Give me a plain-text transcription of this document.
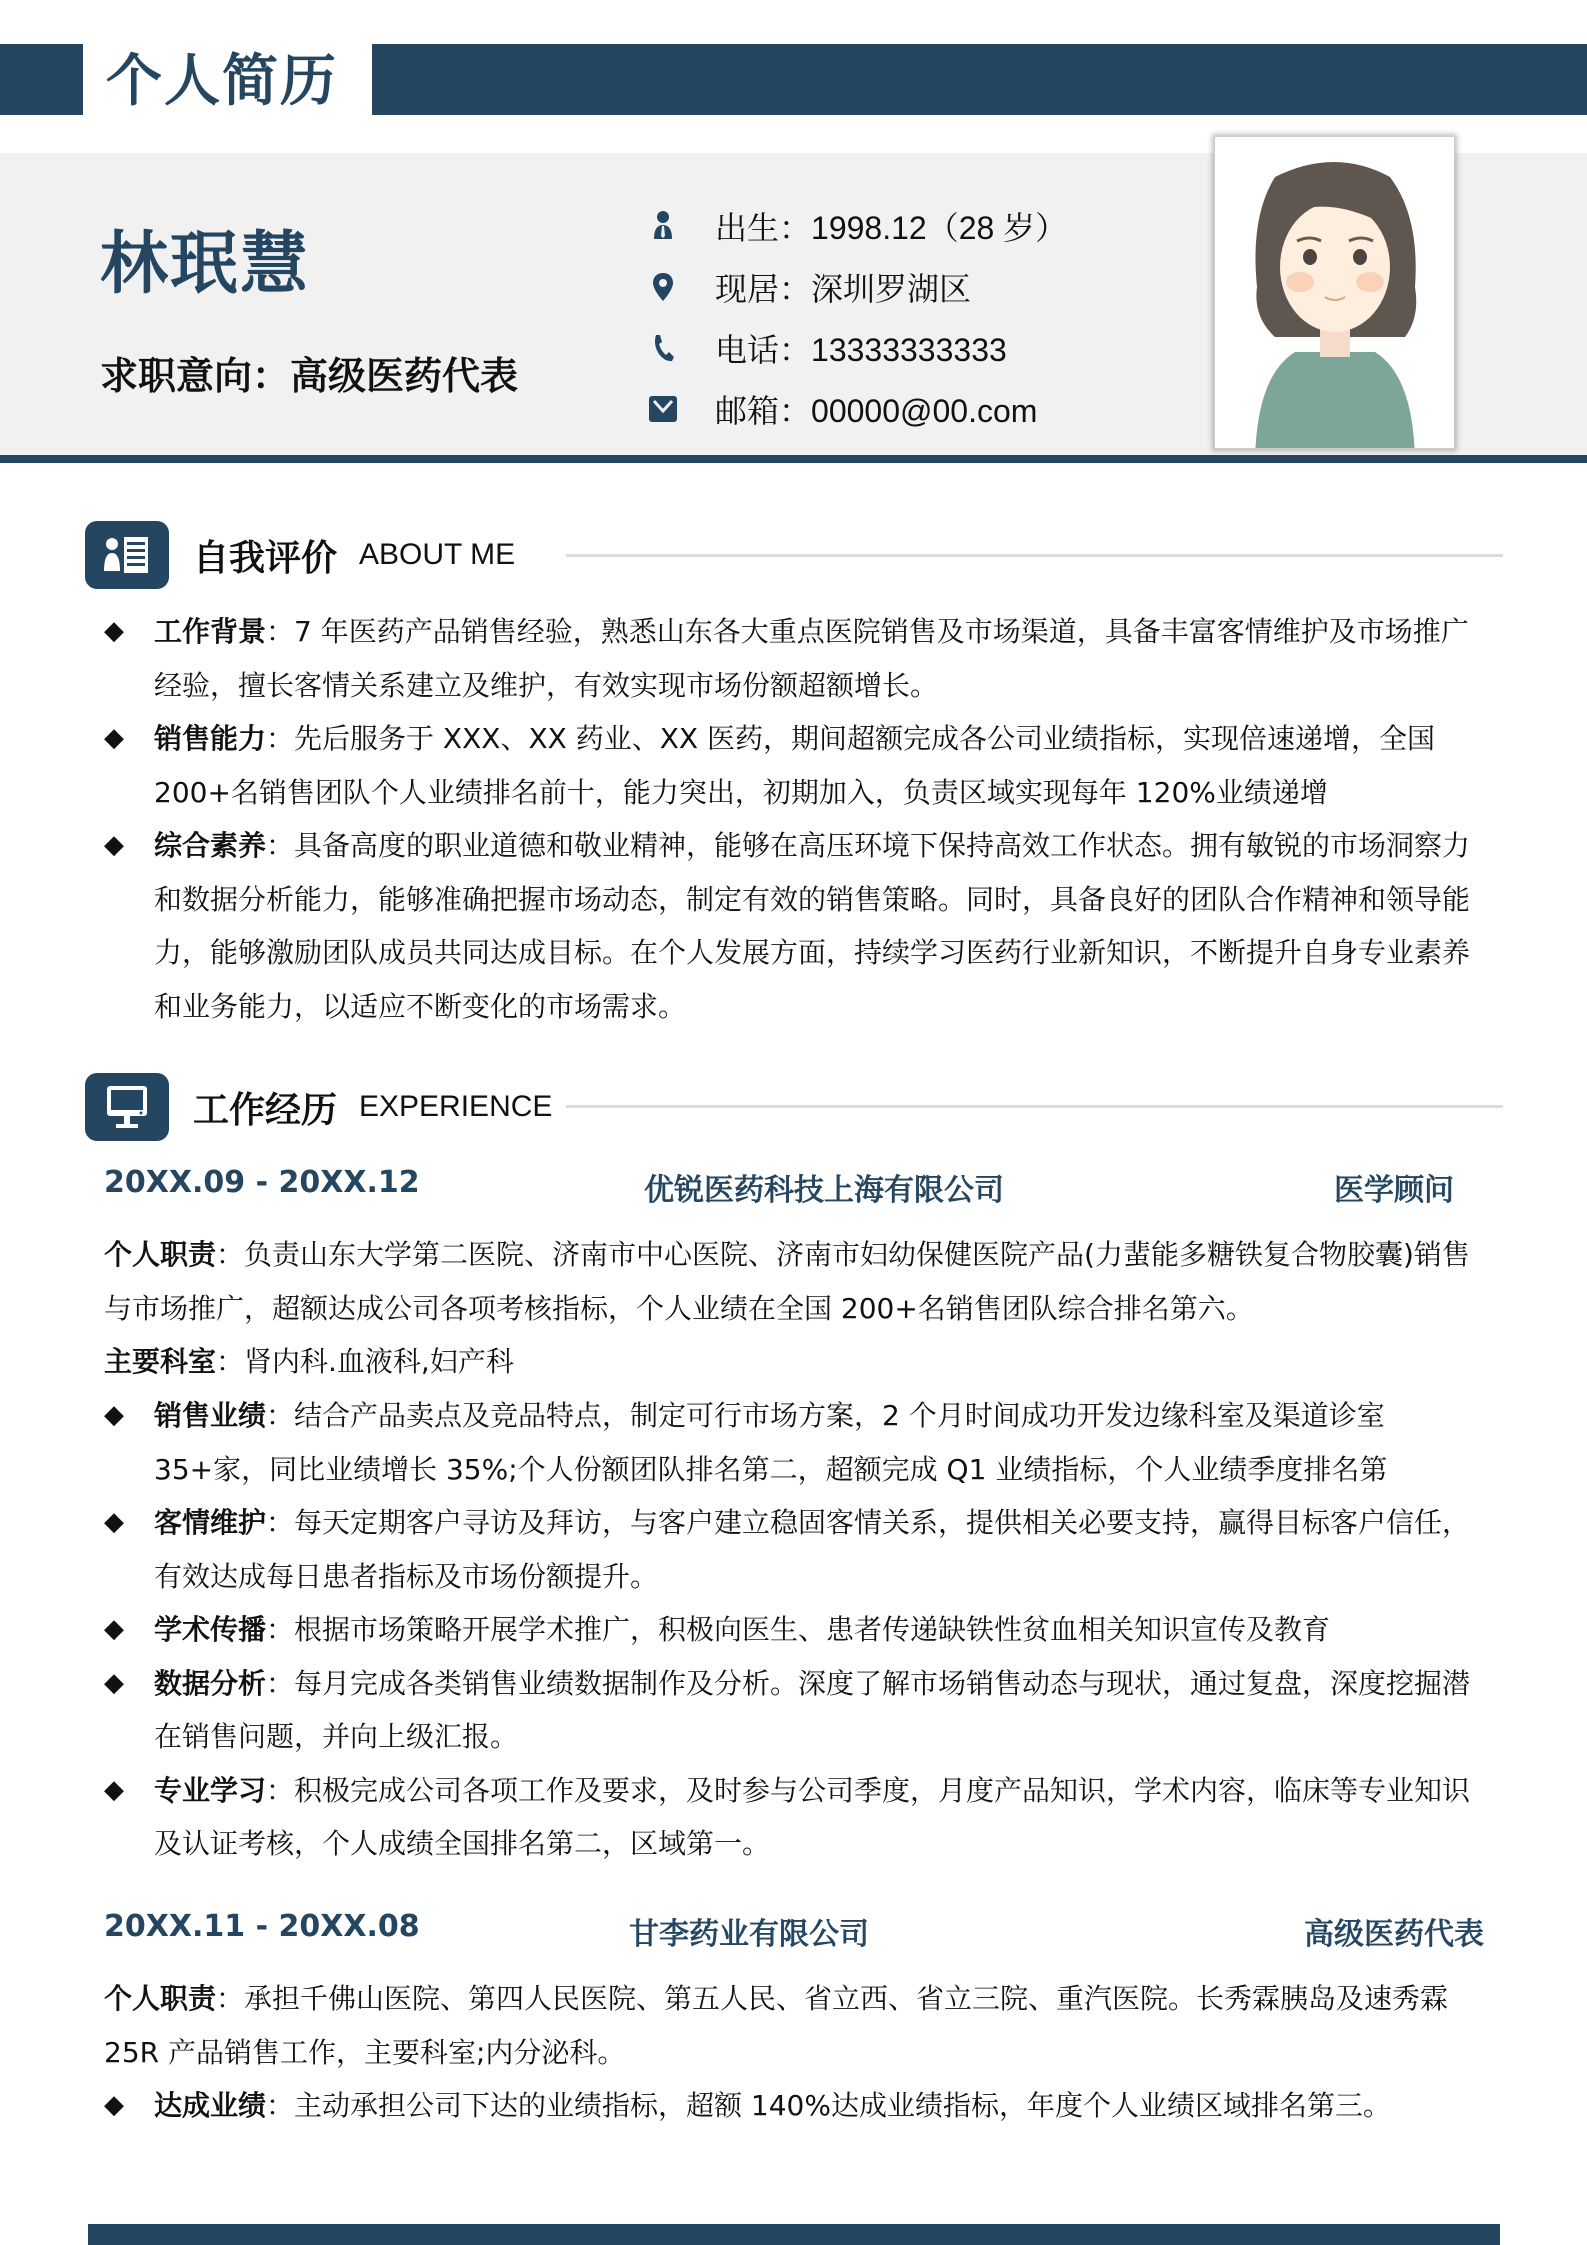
个人简历
林珉慧
求职意向：高级医药代表
出生：1998.12（28 岁）
现居：深圳罗湖区
电话：13333333333
邮箱：00000@00.com
自我评价 ABOUT ME
◆	工作背景：7 年医药产品销售经验，熟悉山东各大重点医院销售及市场渠道，具备丰富客情维护及市场推广经验，擅长客情关系建立及维护，有效实现市场份额超额增长。
◆	销售能力：先后服务于 XXX、XX 药业、XX 医药，期间超额完成各公司业绩指标，实现倍速递增，全国 200+名销售团队个人业绩排名前十，能力突出，初期加入，负责区域实现每年 120%业绩递增
◆	综合素养：具备高度的职业道德和敬业精神，能够在高压环境下保持高效工作状态。拥有敏锐的市场洞察力和数据分析能力，能够准确把握市场动态，制定有效的销售策略。同时，具备良好的团队合作精神和领导能力，能够激励团队成员共同达成目标。在个人发展方面，持续学习医药行业新知识，不断提升自身专业素养和业务能力，以适应不断变化的市场需求。
工作经历 EXPERIENCE
20XX.09 - 20XX.12	优锐医药科技上海有限公司	医学顾问
个人职责：负责山东大学第二医院、济南市中心医院、济南市妇幼保健医院产品(力蜚能多糖铁复合物胶囊)销售与市场推广，超额达成公司各项考核指标，个人业绩在全国 200+名销售团队综合排名第六。
主要科室：肾内科.血液科,妇产科
◆	销售业绩：结合产品卖点及竞品特点，制定可行市场方案，2 个月时间成功开发边缘科室及渠道诊室 35+家，同比业绩增长 35%;个人份额团队排名第二，超额完成 Q1 业绩指标，个人业绩季度排名第
◆	客情维护：每天定期客户寻访及拜访，与客户建立稳固客情关系，提供相关必要支持，赢得目标客户信任，有效达成每日患者指标及市场份额提升。
◆	学术传播：根据市场策略开展学术推广，积极向医生、患者传递缺铁性贫血相关知识宣传及教育
◆	数据分析：每月完成各类销售业绩数据制作及分析。深度了解市场销售动态与现状，通过复盘，深度挖掘潜在销售问题，并向上级汇报。
◆	专业学习：积极完成公司各项工作及要求，及时参与公司季度，月度产品知识，学术内容，临床等专业知识及认证考核，个人成绩全国排名第二，区域第一。
20XX.11 - 20XX.08	甘李药业有限公司	高级医药代表
个人职责：承担千佛山医院、第四人民医院、第五人民、省立西、省立三院、重汽医院。长秀霖胰岛及速秀霖 25R 产品销售工作，主要科室;内分泌科。
◆	达成业绩：主动承担公司下达的业绩指标，超额 140%达成业绩指标，年度个人业绩区域排名第三。
